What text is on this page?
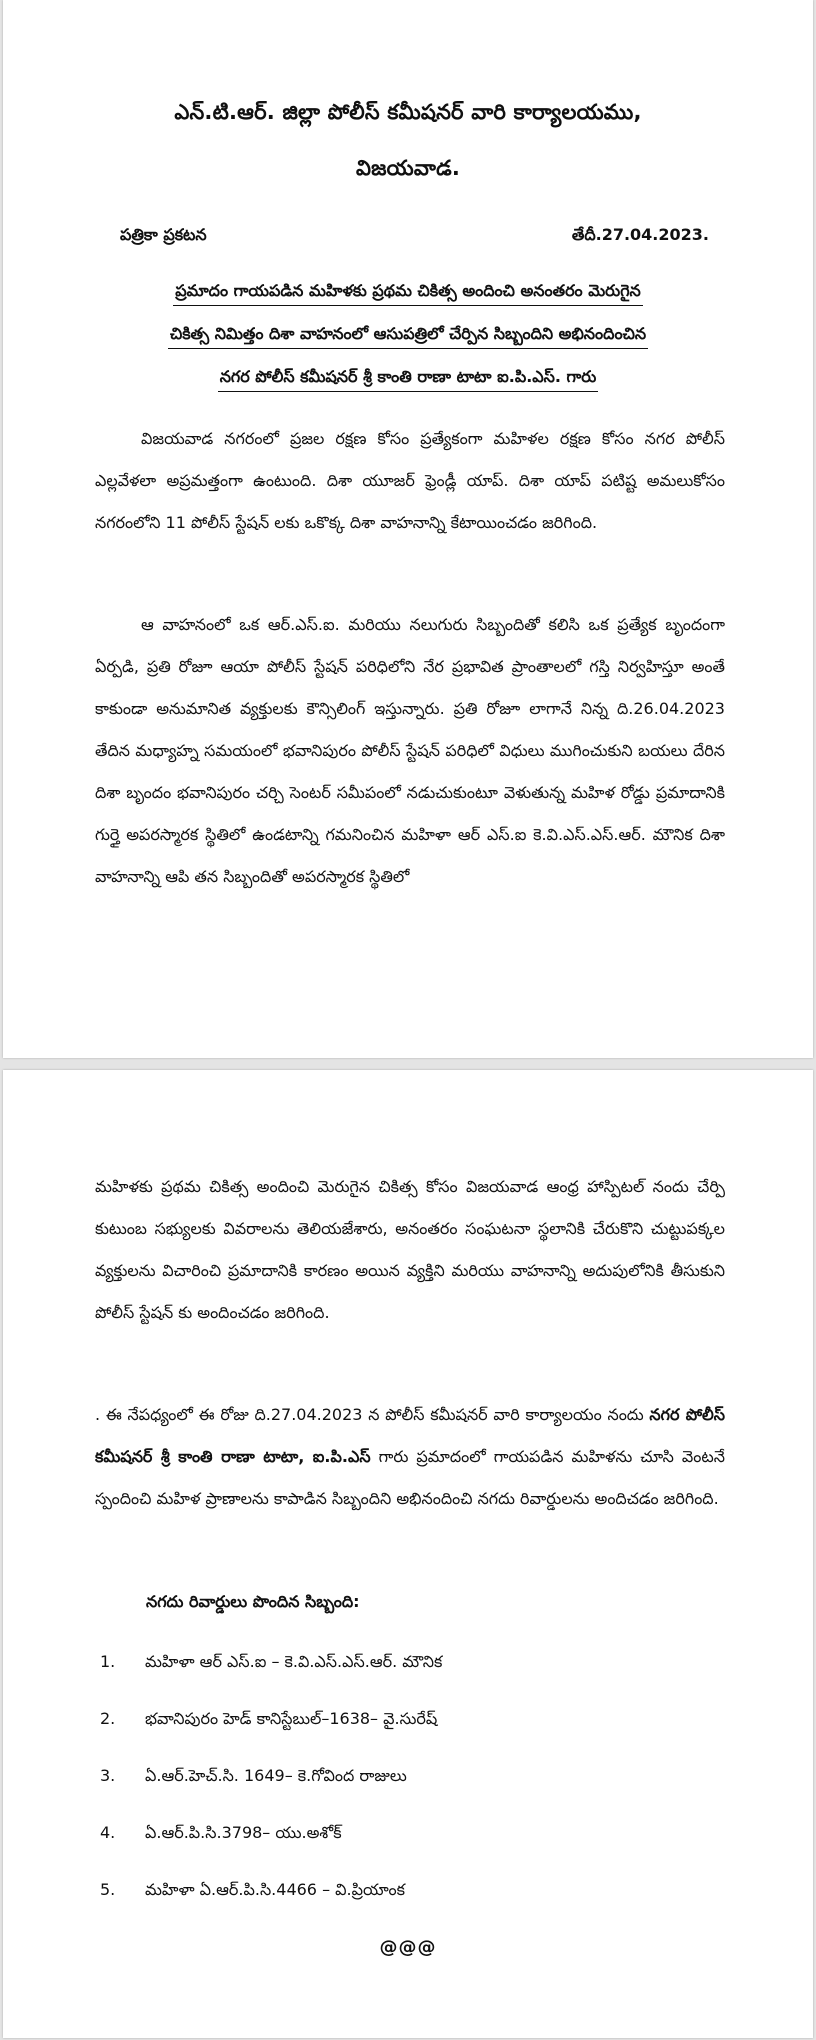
ఎన్.టి.ఆర్. జిల్లా పోలీస్ కమీషనర్ వారి కార్యాలయము,
విజయవాడ.
పత్రికా ప్రకటన	తేదీ.27.04.2023.
ప్రమాదం గాయపడిన మహిళకు ప్రథమ చికిత్స అందించి అనంతరం మెరుగైన
చికిత్స నిమిత్తం దిశా వాహనంలో ఆసుపత్రిలో చేర్పిన సిబ్బందిని అభినందించిన
నగర పోలీస్ కమీషనర్ శ్రీ కాంతి రాణా టాటా ఐ.పి.ఎస్. గారు
విజయవాడ నగరంలో ప్రజల రక్షణ కోసం ప్రత్యేకంగా మహిళల రక్షణ కోసం నగర పోలీస్ ఎల్లవేళలా అప్రమత్తంగా ఉంటుంది. దిశా యూజర్ ఫ్రెండ్లీ యాప్. దిశా యాప్ పటిష్ట అమలుకోసం నగరంలోని 11 పోలీస్ స్టేషన్ లకు ఒకొక్క దిశా వాహనాన్ని కేటాయించడం జరిగింది.
ఆ వాహనంలో ఒక ఆర్.ఎస్.ఐ. మరియు నలుగురు సిబ్బందితో కలిసి ఒక ప్రత్యేక బృందంగా ఏర్పడి, ప్రతి రోజూ ఆయా పోలీస్ స్టేషన్ పరిధిలోని నేర ప్రభావిత ప్రాంతాలలో గస్తి నిర్వహిస్తూ అంతే కాకుండా అనుమానిత వ్యక్తులకు కౌన్సిలింగ్ ఇస్తున్నారు. ప్రతి రోజూ లాగానే నిన్న ది.26.04.2023 తేదిన మధ్యాహ్న సమయంలో భవానిపురం పోలీస్ స్టేషన్ పరిధిలో విధులు ముగించుకుని బయలు దేరిన దిశా బృందం భవానిపురం చర్చి సెంటర్ సమీపంలో నడుచుకుంటూ వెళుతున్న మహిళ రోడ్డు ప్రమాదానికి గుర్తై అపరస్మారక స్థితిలో ఉండటాన్ని గమనించిన మహిళా ఆర్ ఎస్.ఐ కె.వి.ఎస్.ఎస్.ఆర్. మౌనిక దిశా వాహనాన్ని ఆపి తన సిబ్బందితో అపరస్మారక స్థితిలో
మహిళకు ప్రథమ చికిత్స అందించి మెరుగైన చికిత్స కోసం విజయవాడ ఆంధ్ర హాస్పిటల్ నందు చేర్పి కుటుంబ సభ్యులకు వివరాలను తెలియజేశారు, అనంతరం సంఘటనా స్థలానికి చేరుకొని చుట్టుపక్కల వ్యక్తులను విచారించి ప్రమాదానికి కారణం అయిన వ్యక్తిని మరియు వాహనాన్ని అదుపులోనికి తీసుకుని పోలీస్ స్టేషన్ కు అందించడం జరిగింది.
. ఈ నేపధ్యంలో ఈ రోజు ది.27.04.2023 న పోలీస్ కమీషనర్ వారి కార్యాలయం నందు నగర పోలీస్ కమీషనర్ శ్రీ కాంతి రాణా టాటా, ఐ.పి.ఎస్ గారు ప్రమాదంలో గాయపడిన మహిళను చూసి వెంటనే స్పందించి మహిళ ప్రాణాలను కాపాడిన సిబ్బందిని అభినందించి నగదు రివార్డులను అందిచడం జరిగింది.
నగదు రివార్డులు పొందిన సిబ్బంది:
1. మహిళా ఆర్ ఎస్.ఐ – కె.వి.ఎస్.ఎస్.ఆర్. మౌనిక
2. భవానిపురం హెడ్ కానిస్టేబుల్–1638– వై.సురేష్
3. ఏ.ఆర్.హెచ్.సి. 1649– కె.గోవింద రాజులు
4. ఏ.ఆర్.పి.సి.3798– యు.అశోక్
5. మహిళా ఏ.ఆర్.పి.సి.4466 – వి.ప్రియాంక
@@@
